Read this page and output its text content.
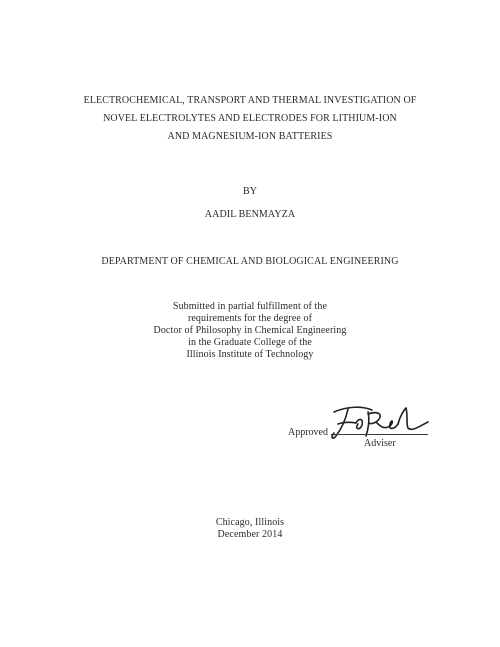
ELECTROCHEMICAL, TRANSPORT AND THERMAL INVESTIGATION OF
NOVEL ELECTROLYTES AND ELECTRODES FOR LITHIUM-ION
AND MAGNESIUM-ION BATTERIES
BY
AADIL BENMAYZA
DEPARTMENT OF CHEMICAL AND BIOLOGICAL ENGINEERING
Submitted in partial fulfillment of the
requirements for the degree of
Doctor of Philosophy in Chemical Engineering
in the Graduate College of the
Illinois Institute of Technology
Approved
Adviser
Chicago, Illinois
December 2014
